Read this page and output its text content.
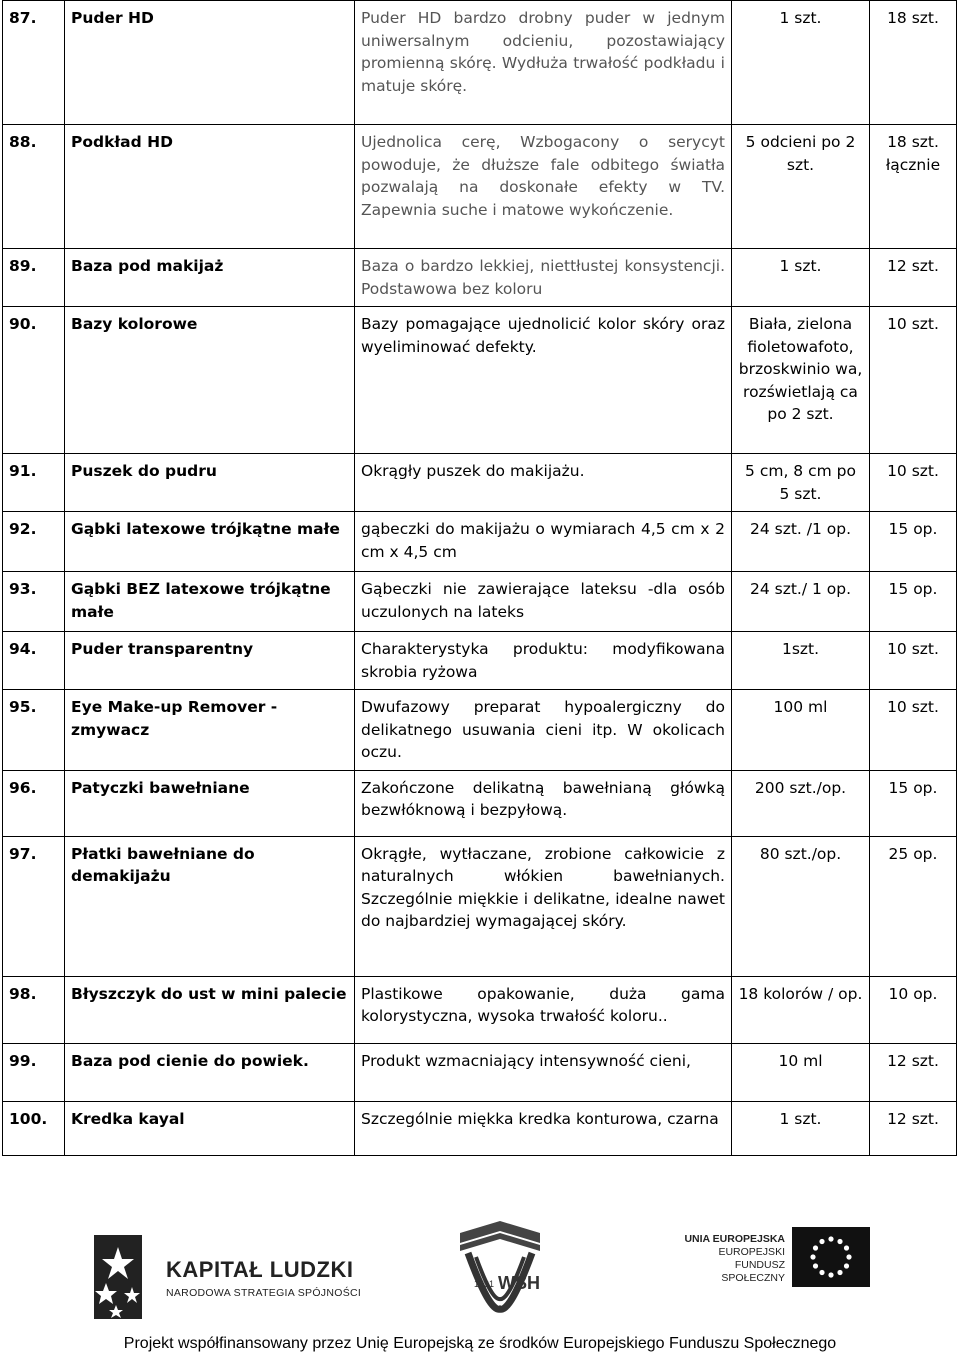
87.	Puder HD	Puder HD bardzo drobny puder w jednym uniwersalnym odcieniu, pozostawiający promienną skórę. Wydłuża trwałość podkładu i matuje skórę.	1 szt.	18 szt.

88.	Podkład HD	Ujednolica cerę, Wzbogacony o serycyt powoduje, że dłuższe fale odbitego światła pozwalają na doskonałe efekty w TV. Zapewnia suche i matowe wykończenie.	5 odcieni po 2 szt.	18 szt. łącznie

89.	Baza pod makijaż	Baza o bardzo lekkiej, niettłustej konsystencji. Podstawowa bez koloru	1 szt.	12 szt.

90.	Bazy kolorowe	Bazy pomagające ujednolicić kolor skóry oraz wyeliminować defekty.	Biała, zielona fioletowafoto, brzoskwinio wa, rozświetlają ca po 2 szt.	10 szt.

91.	Puszek do pudru	Okrągły puszek do makijażu.	5 cm, 8 cm po 5 szt.	10 szt.

92.	Gąbki latexowe trójkątne małe	gąbeczki do makijażu o wymiarach 4,5 cm x 2 cm x 4,5 cm	24 szt. /1 op.	15 op.

93.	Gąbki BEZ latexowe trójkątne małe	Gąbeczki nie zawierające lateksu -dla osób uczulonych na lateks	24 szt./ 1 op.	15 op.

94.	Puder transparentny	Charakterystyka produktu: modyfikowana skrobia ryżowa	1szt.	10 szt.

95.	Eye Make-up Remover - zmywacz	Dwufazowy preparat hypoalergiczny do delikatnego usuwania cieni itp. W okolicach oczu.	100 ml	10 szt.

96.	Patyczki bawełniane	Zakończone delikatną bawełnianą główką bezwłóknową i bezpyłową.	200 szt./op.	15 op.

97.	Płatki bawełniane do demakijażu	Okrągłe, wytłaczane, zrobione całkowicie z naturalnych włókien bawełnianych. Szczególnie miękkie i delikatne, idealne nawet do najbardziej wymagającej skóry.	80 szt./op.	25 op.

98.	Błyszczyk do ust w mini palecie	Plastikowe opakowanie, duża gama kolorystyczna, wysoka trwałość koloru..	18 kolorów / op.	10 op.

99.	Baza pod cienie do powiek.	Produkt wzmacniający intensywność cieni,	10 ml	12 szt.

100.	Kredka kayal	Szczególnie miękka kredka konturowa, czarna	1 szt.	12 szt.
KAPITAŁ LUDZKI
NARODOWA STRATEGIA SPÓJNOŚCI
1991 WSH
UNIA EUROPEJSKA
EUROPEJSKI
FUNDUSZ SPOŁECZNY
Projekt współfinansowany przez Unię Europejską ze środków Europejskiego Funduszu Społecznego
